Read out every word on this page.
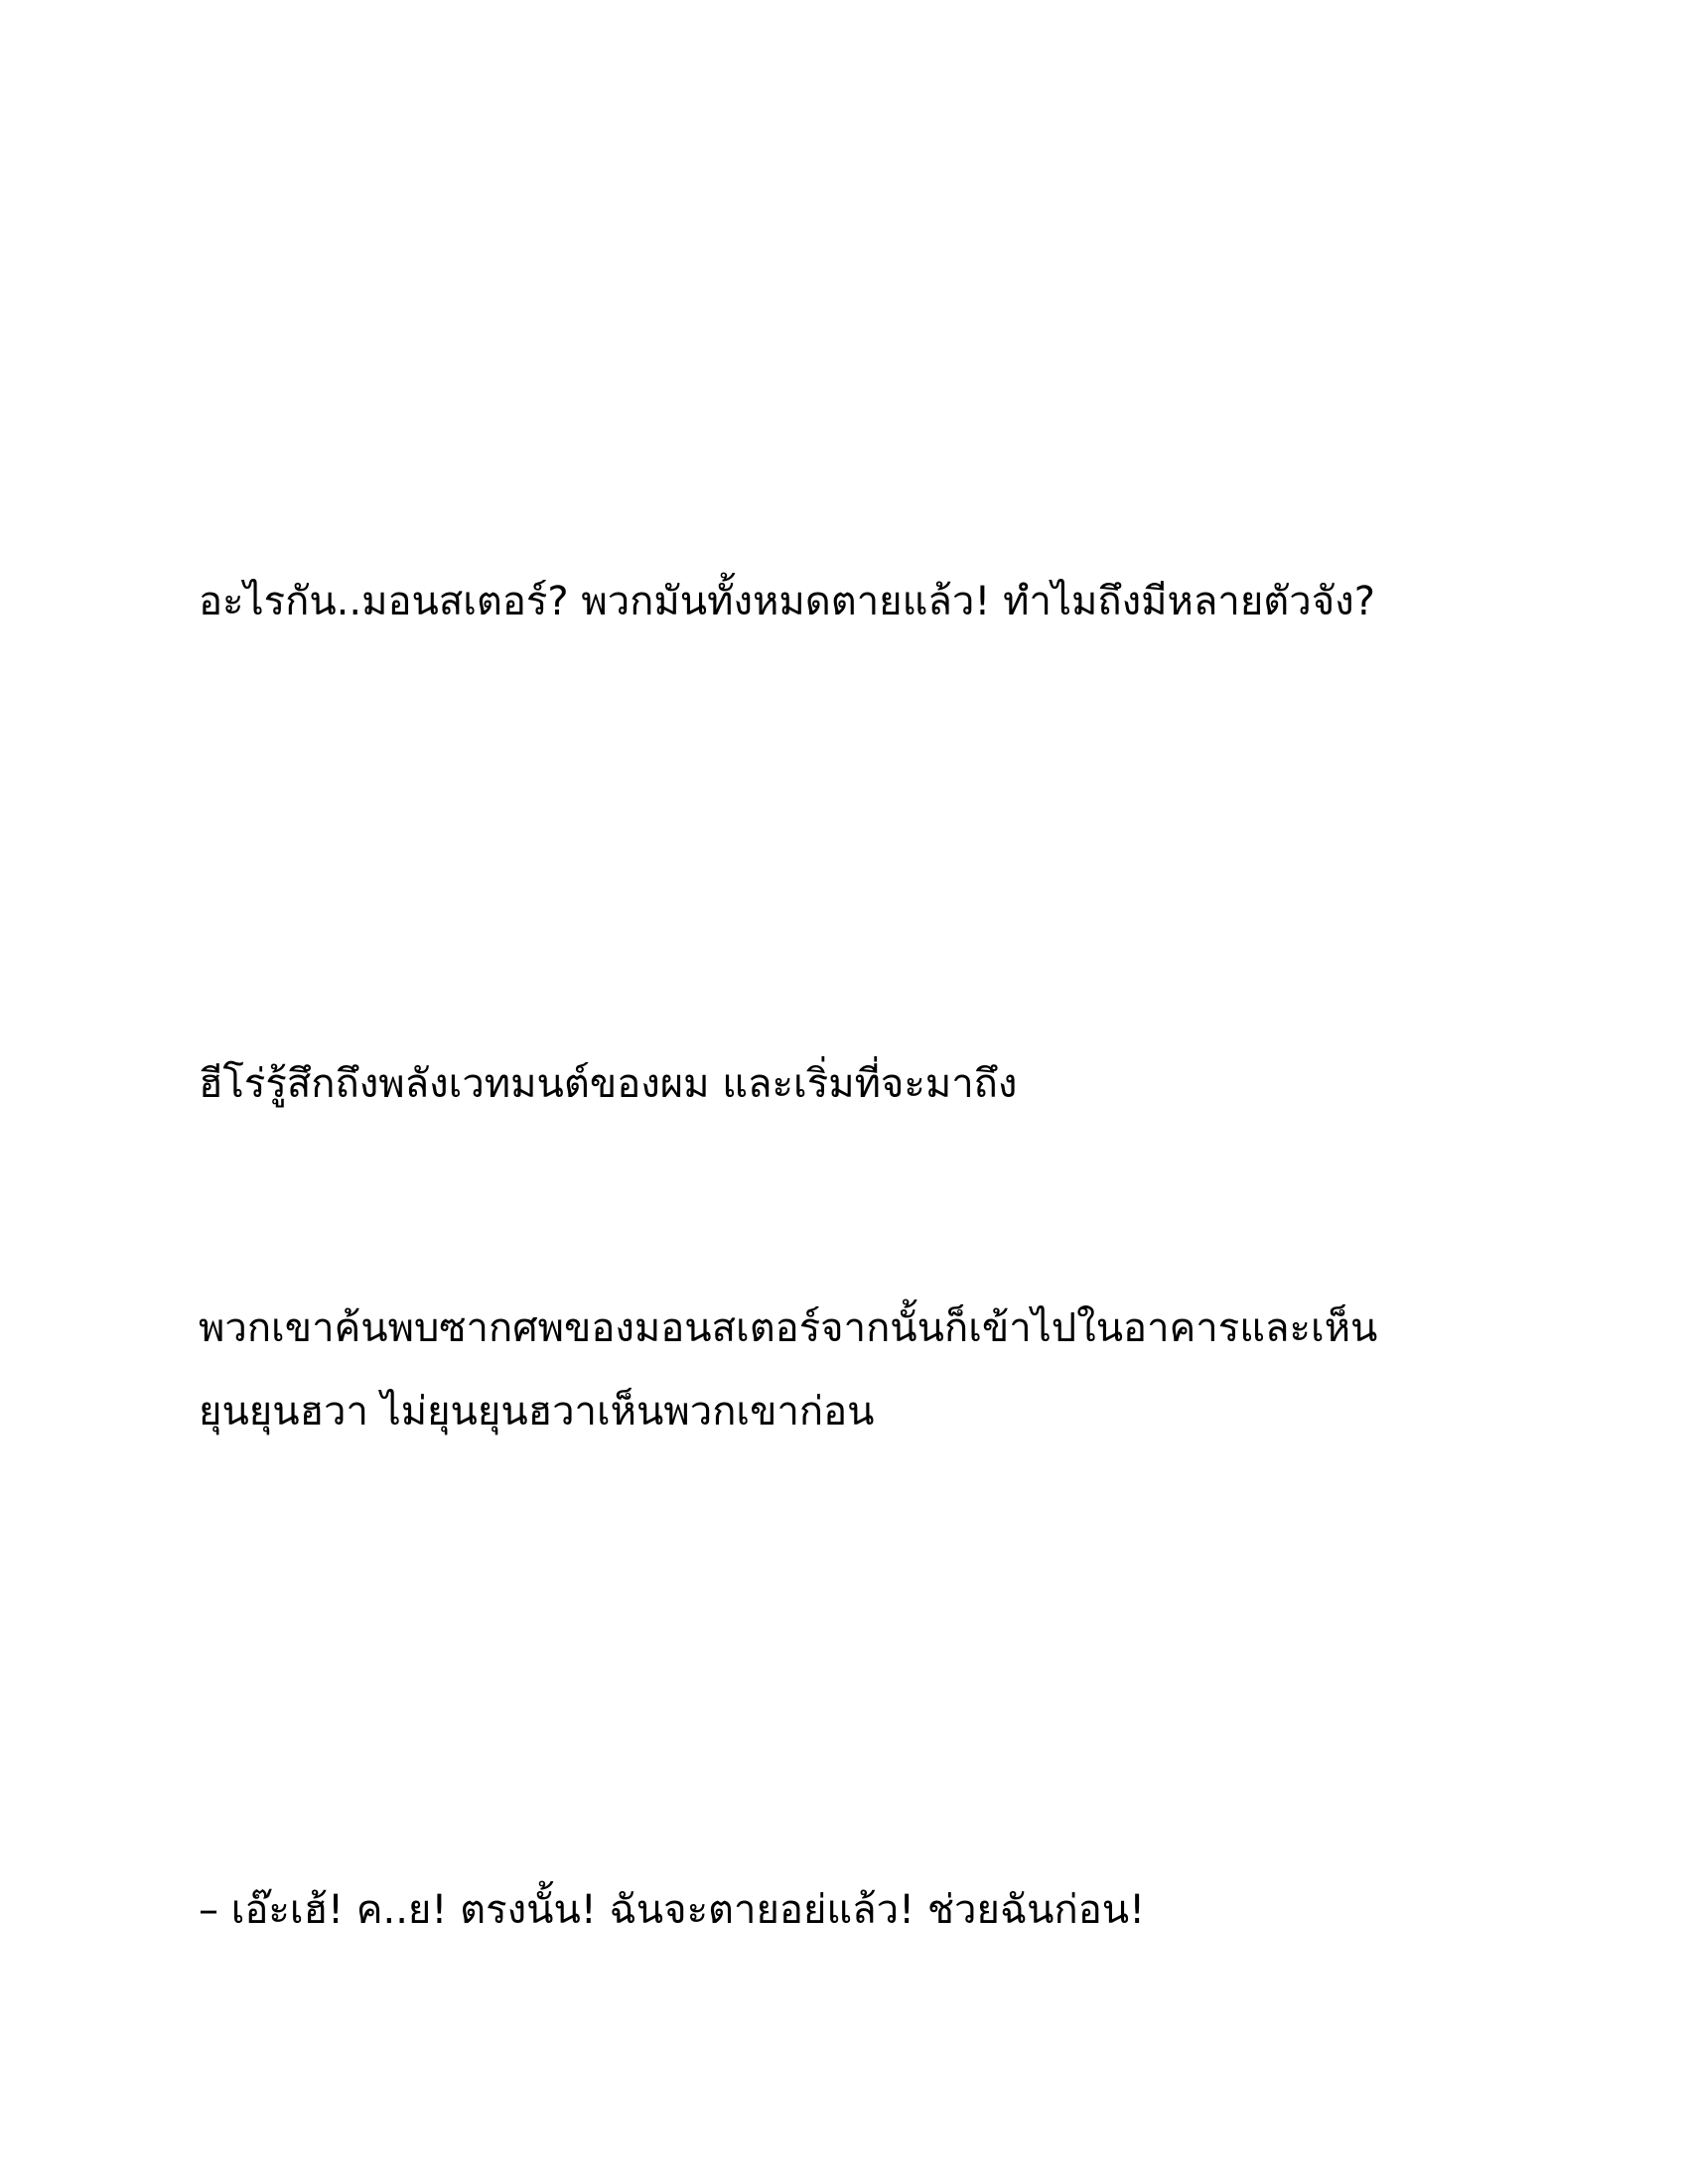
อะไรกัน..มอนสเตอร์? พวกมันทั้งหมดตายแล้ว! ทำไมถึงมีหลายตัวจัง?

ฮีโร่รู้สึกถึงพลังเวทมนต์ของผม และเริ่มที่จะมาถึง

พวกเขาค้นพบซากศพของมอนสเตอร์จากนั้นก็เข้าไปในอาคารและเห็น
ยุนยุนฮวา ไม่ยุนยุนฮวาเห็นพวกเขาก่อน

– เอ๊ะเฮ้! ค..ย! ตรงนั้น! ฉันจะตายอย่แล้ว! ช่วยฉันก่อน!
